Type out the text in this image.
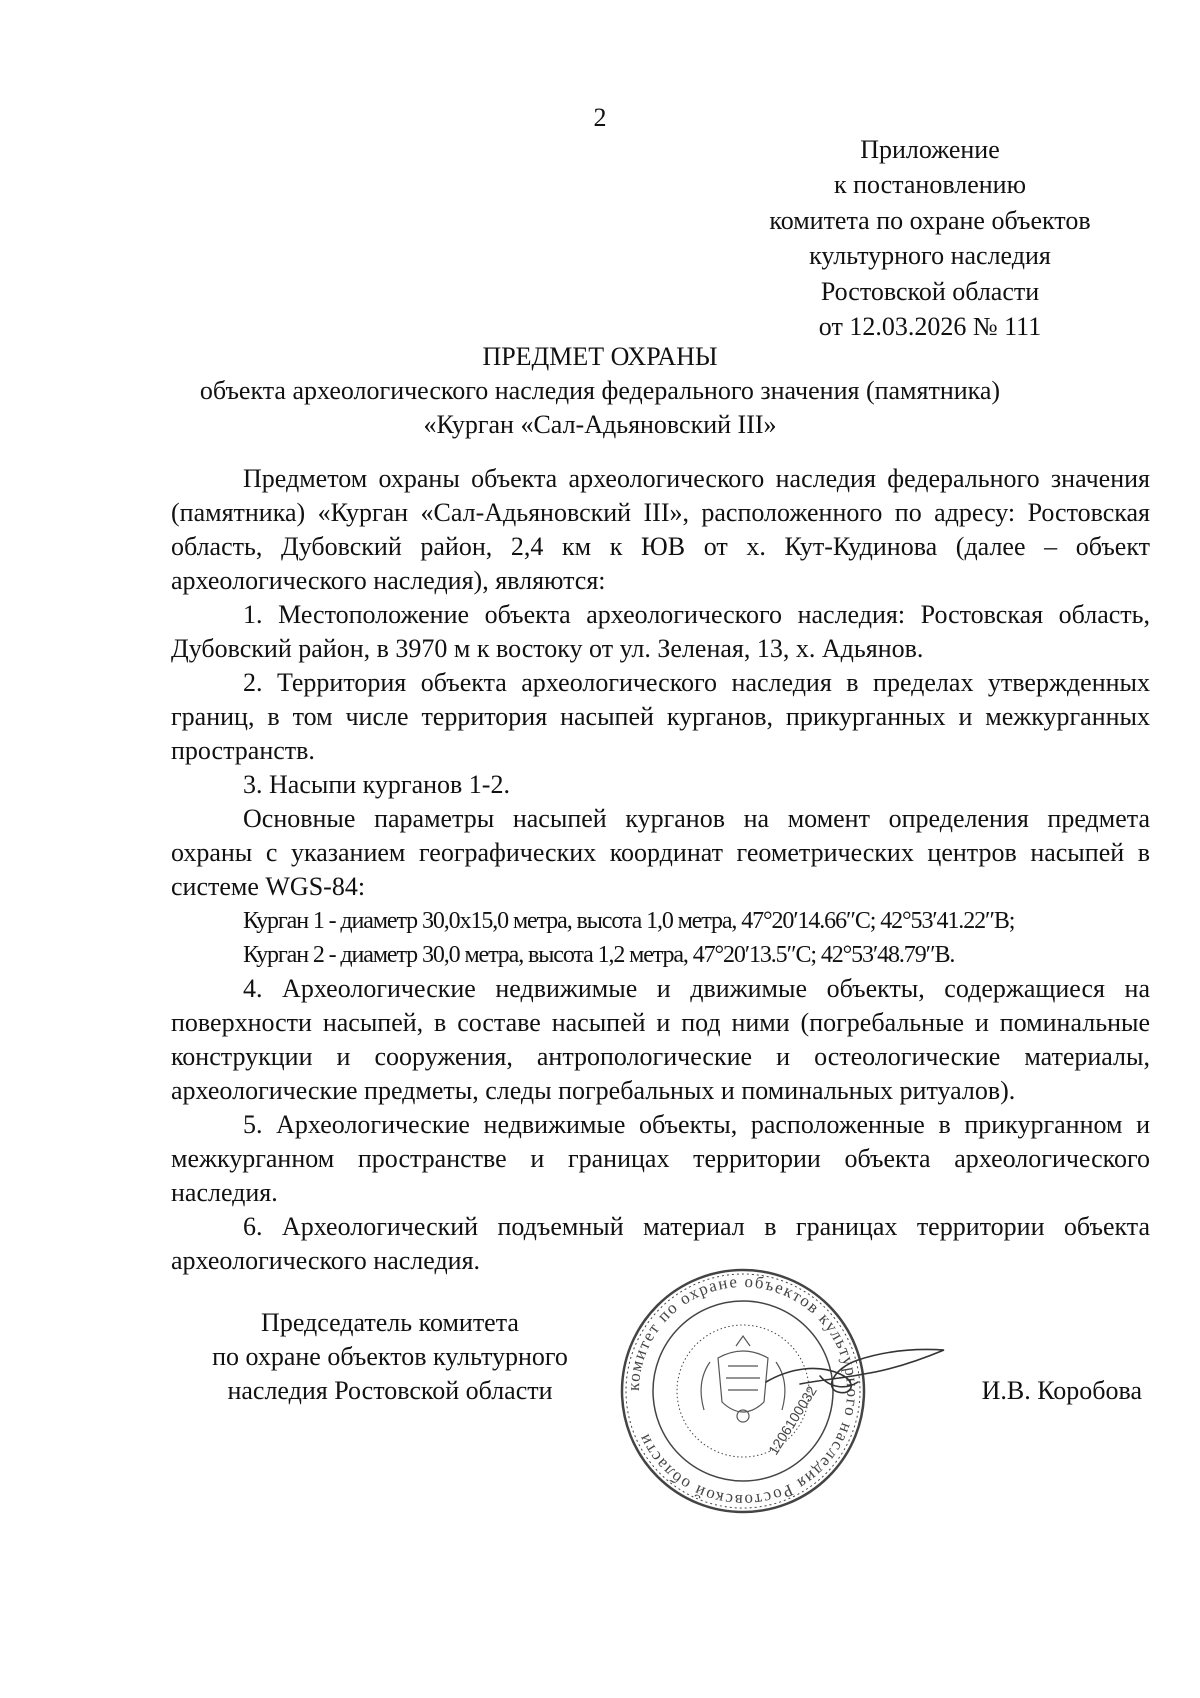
2
Приложение
к постановлению
комитета по охране объектов
культурного наследия
Ростовской области
от 12.03.2026 № 111
ПРЕДМЕТ ОХРАНЫ
объекта археологического наследия федерального значения (памятника)
«Курган «Сал-Адьяновский III»

Предметом охраны объекта археологического наследия федерального значения (памятника) «Курган «Сал-Адьяновский III», расположенного по адресу: Ростовская область, Дубовский район, 2,4 км к ЮВ от х. Кут-Кудинова (далее – объект археологического наследия), являются:

1. Местоположение объекта археологического наследия: Ростовская область, Дубовский район, в 3970 м к востоку от ул. Зеленая, 13, х. Адьянов.

2. Территория объекта археологического наследия в пределах утвержденных границ, в том числе территория насыпей курганов, прикурганных и межкурганных пространств.

3. Насыпи курганов 1-2.

Основные параметры насыпей курганов на момент определения предмета охраны с указанием географических координат геометрических центров насыпей в системе WGS-84:

Курган 1 - диаметр 30,0х15,0 метра, высота 1,0 метра, 47°20′14.66″С; 42°53′41.22″В;

Курган 2 - диаметр 30,0 метра, высота 1,2 метра, 47°20′13.5″С; 42°53′48.79″В.

4. Археологические недвижимые и движимые объекты, содержащиеся на поверхности насыпей, в составе насыпей и под ними (погребальные и поминальные конструкции и сооружения, антропологические и остеологические материалы, археологические предметы, следы погребальных и поминальных ритуалов).

5. Археологические недвижимые объекты, расположенные в прикурганном и межкурганном пространстве и границах территории объекта археологического наследия.

6. Археологический подъемный материал в границах территории объекта археологического наследия.

Председатель комитета
по охране объектов культурного
наследия Ростовской области	комитет по охране объектов культурного наследия Ростовской области	1206100032	И.В. Коробова
